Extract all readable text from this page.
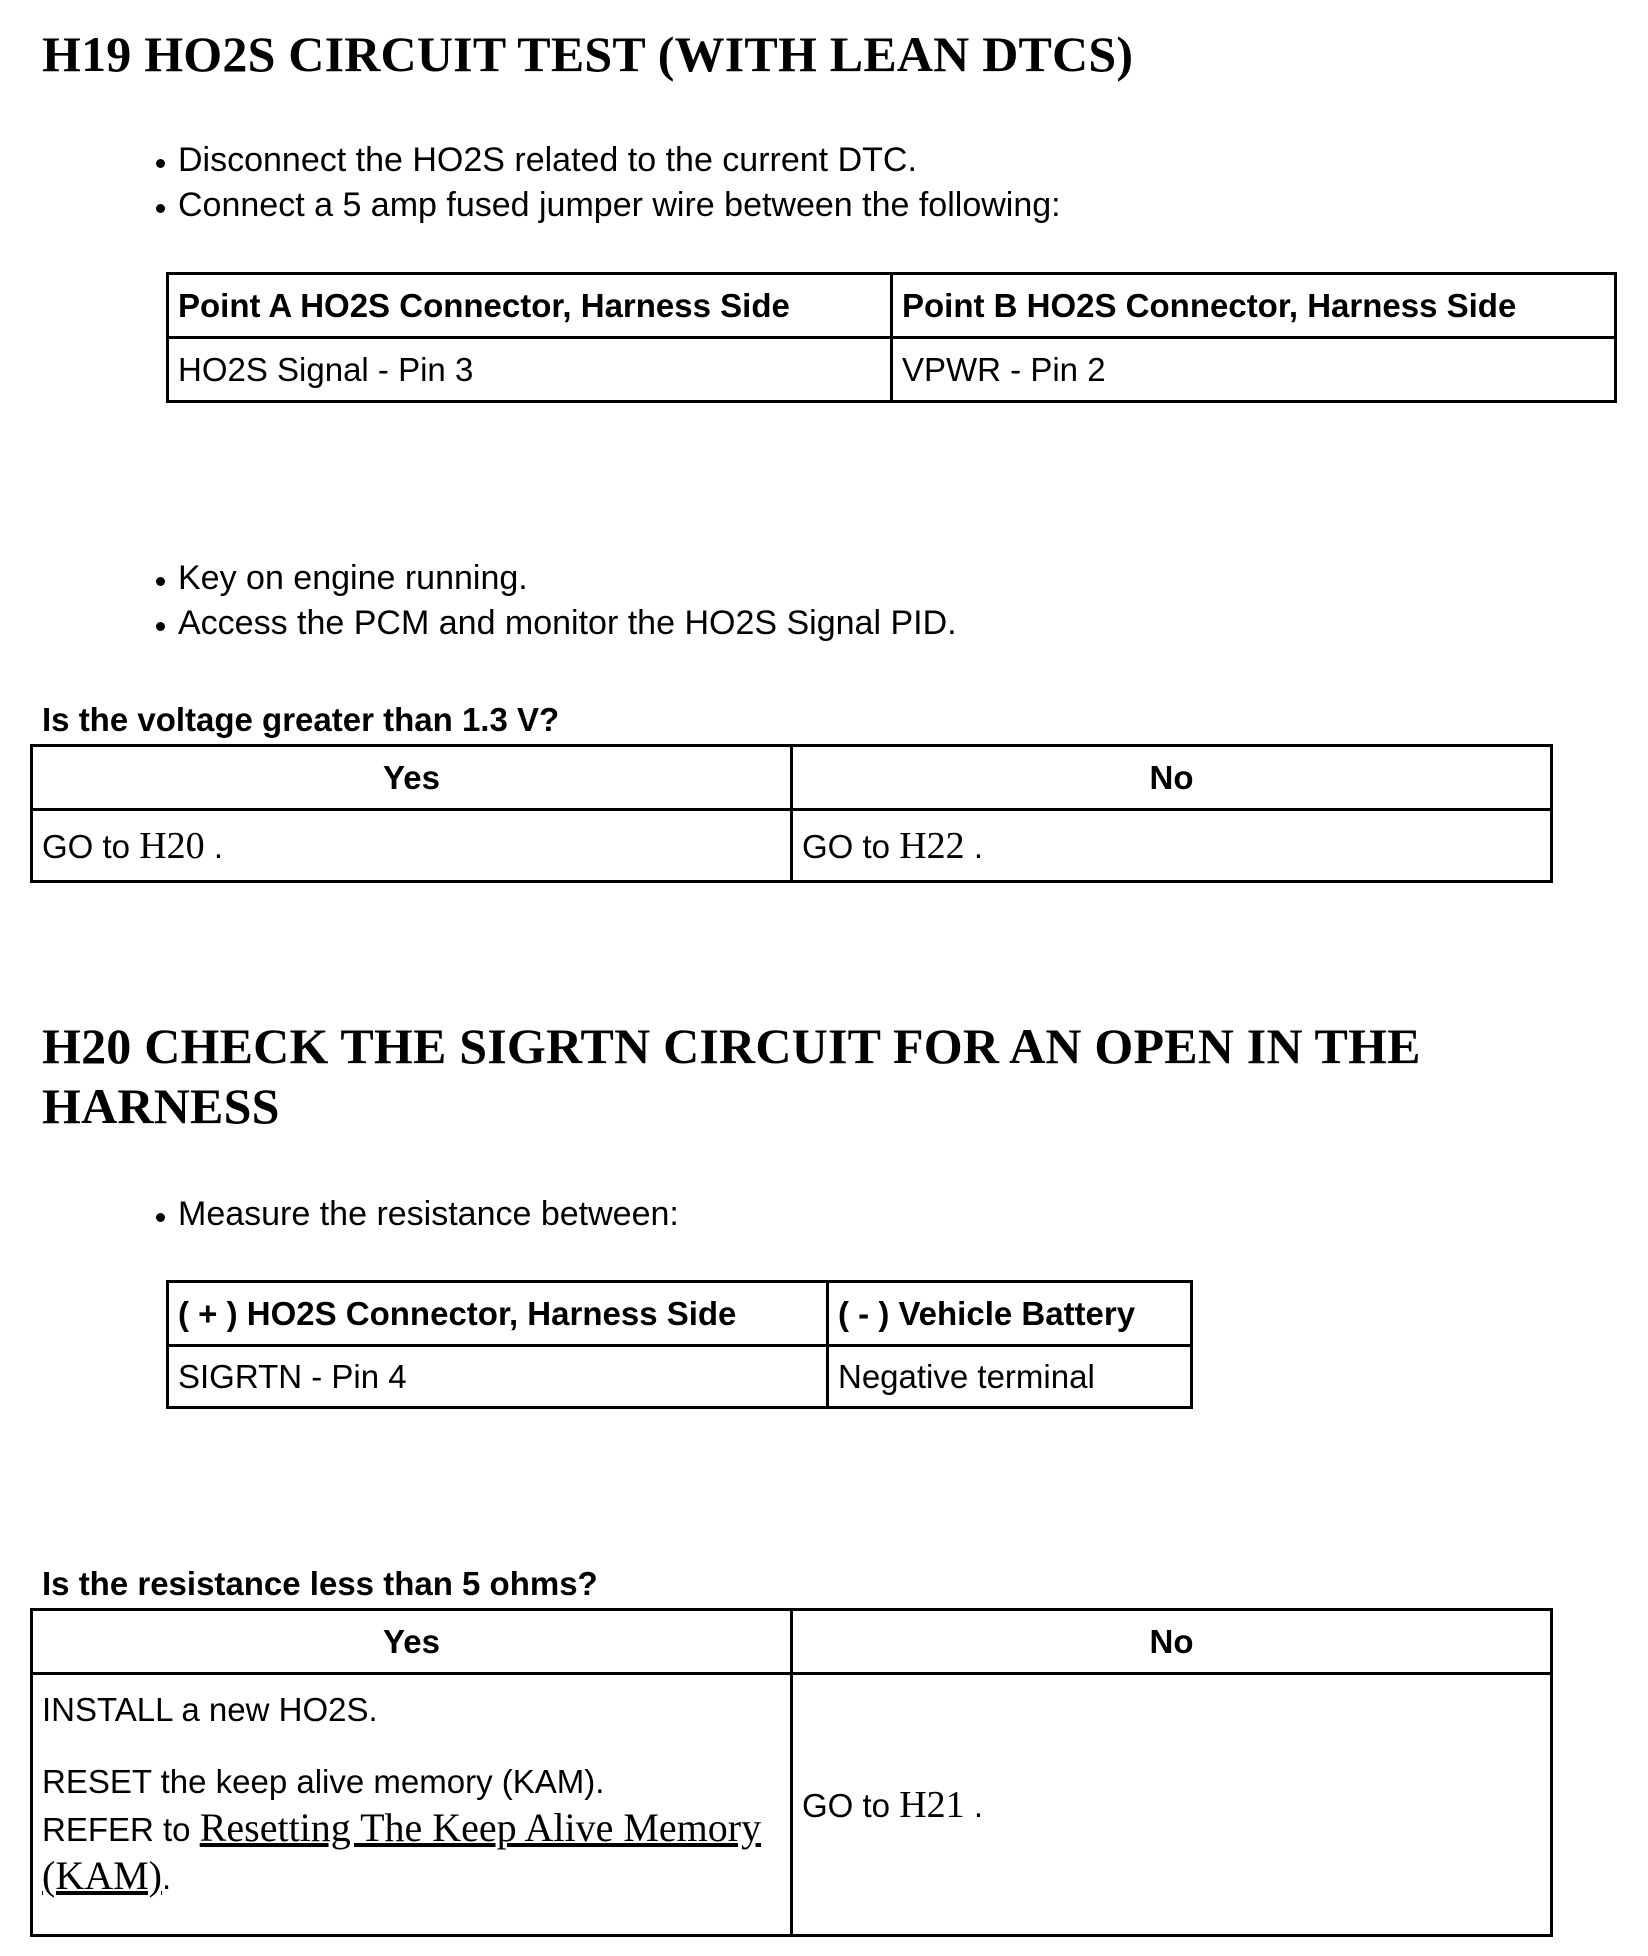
H19 HO2S CIRCUIT TEST (WITH LEAN DTCS)
Disconnect the HO2S related to the current DTC.
Connect a 5 amp fused jumper wire between the following:
Point A HO2S Connector, Harness Side	Point B HO2S Connector, Harness Side
HO2S Signal - Pin 3	VPWR - Pin 2
Key on engine running.
Access the PCM and monitor the HO2S Signal PID.

Is the voltage greater than 1.3 V?

Yes	No
GO to H20 .	GO to H22 .
H20 CHECK THE SIGRTN CIRCUIT FOR AN OPEN IN THE
HARNESS
Measure the resistance between:
( + ) HO2S Connector, Harness Side	( - ) Vehicle Battery
SIGRTN - Pin 4	Negative terminal

Is the resistance less than 5 ohms?

Yes	No

INSTALL a new HO2S.

RESET the keep alive memory (KAM).
REFER to Resetting The Keep Alive Memory (KAM).	GO to H21 .
